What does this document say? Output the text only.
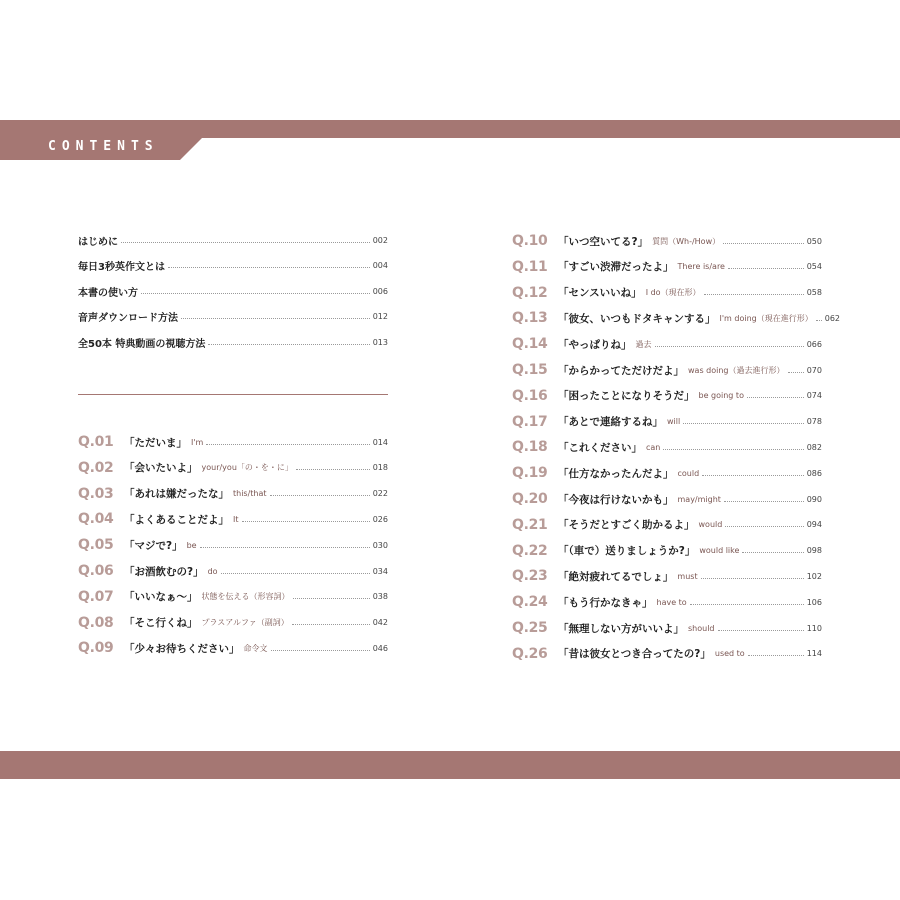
CONTENTS
はじめに	002
毎日3秒英作文とは	004
本書の使い方	006
音声ダウンロード方法	012
全50本 特典動画の視聴方法	013
Q.01 「ただいま」 I'm	014
Q.02 「会いたいよ」 your/you「の・を・に」	018
Q.03 「あれは嫌だったな」 this/that	022
Q.04 「よくあることだよ」 It	026
Q.05 「マジで?」 be	030
Q.06 「お酒飲むの?」 do	034
Q.07 「いいなぁ〜」 状態を伝える（形容詞）	038
Q.08 「そこ行くね」 プラスアルファ（副詞）	042
Q.09 「少々お待ちください」 命令文	046
Q.10 「いつ空いてる?」 質問（Wh-/How）	050
Q.11 「すごい渋滞だったよ」 There is/are	054
Q.12 「センスいいね」 I do（現在形）	058
Q.13 「彼女、いつもドタキャンする」 I'm doing（現在進行形） 062
Q.14 「やっぱりね」 過去	066
Q.15 「からかってただけだよ」 was doing（過去進行形）	070
Q.16 「困ったことになりそうだ」 be going to	074
Q.17 「あとで連絡するね」 will	078
Q.18 「これください」 can	082
Q.19 「仕方なかったんだよ」 could	086
Q.20 「今夜は行けないかも」 may/might	090
Q.21 「そうだとすごく助かるよ」 would	094
Q.22 「（車で）送りましょうか?」 would like	098
Q.23 「絶対疲れてるでしょ」 must	102
Q.24 「もう行かなきゃ」 have to	106
Q.25 「無理しない方がいいよ」 should	110
Q.26 「昔は彼女とつき合ってたの?」 used to	114
